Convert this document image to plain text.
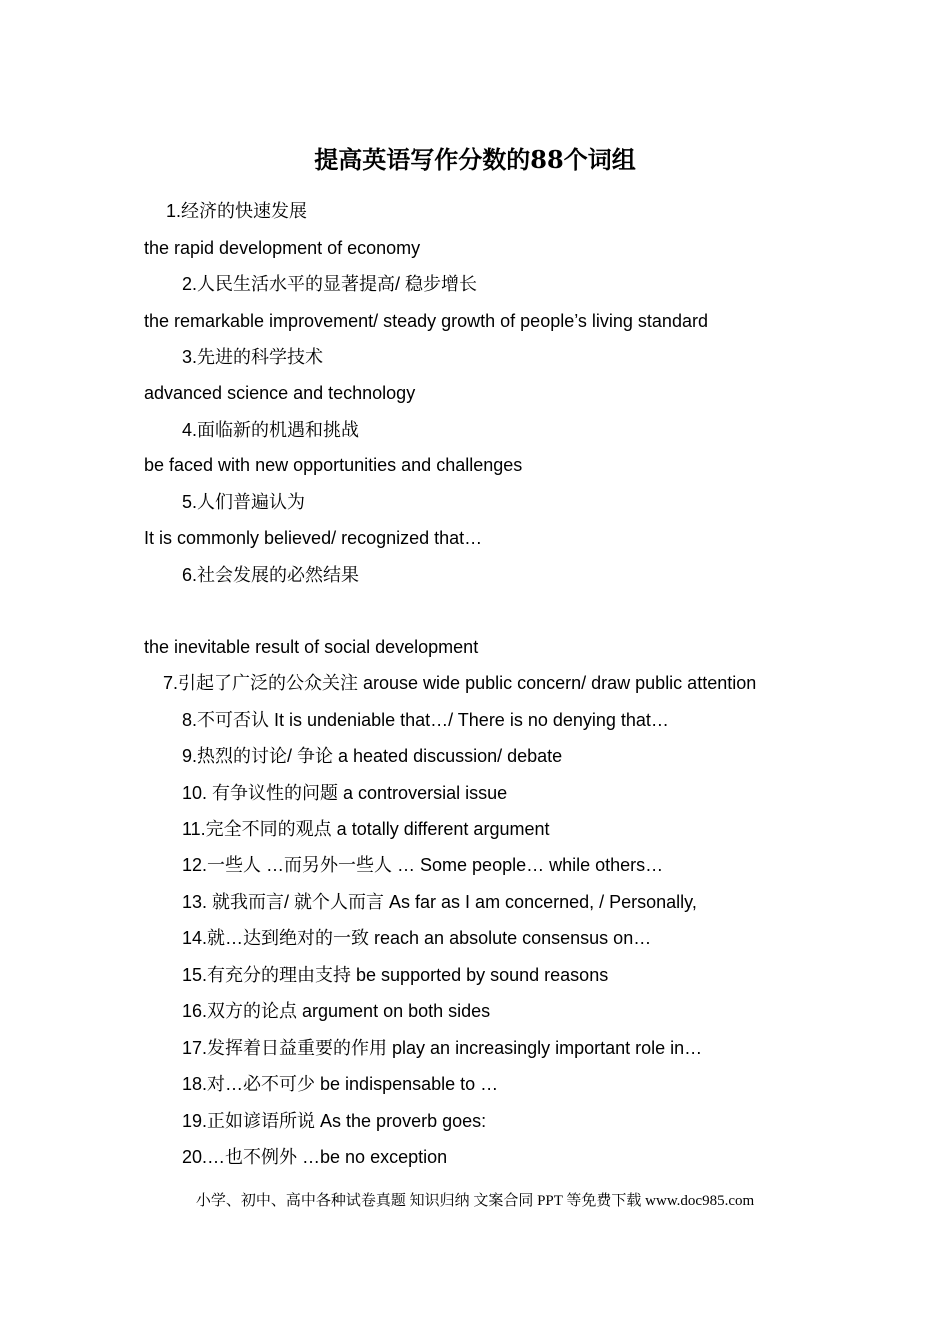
提高英语写作分数的88个词组
1.经济的快速发展
the rapid development of economy
2.人民生活水平的显著提高/ 稳步增长
the remarkable improvement/ steady growth of people’s living standard
3.先进的科学技术
advanced science and technology
4.面临新的机遇和挑战
be faced with new opportunities and challenges
5.人们普遍认为
It is commonly believed/ recognized that…
6.社会发展的必然结果
the inevitable result of social development
7.引起了广泛的公众关注 arouse wide public concern/ draw public attention
8.不可否认 It is undeniable that…/ There is no denying that…
9.热烈的讨论/ 争论 a heated discussion/ debate
10. 有争议性的问题 a controversial issue
11.完全不同的观点 a totally different argument
12.一些人 …而另外一些人 … Some people… while others…
13. 就我而言/ 就个人而言 As far as I am concerned, / Personally,
14.就…达到绝对的一致 reach an absolute consensus on…
15.有充分的理由支持 be supported by sound reasons
16.双方的论点 argument on both sides
17.发挥着日益重要的作用 play an increasingly important role in…
18.对…必不可少 be indispensable to …
19.正如谚语所说 As the proverb goes:
20.…也不例外 …be no exception
小学、初中、高中各种试卷真题 知识归纳 文案合同 PPT 等免费下载 www.doc985.com
